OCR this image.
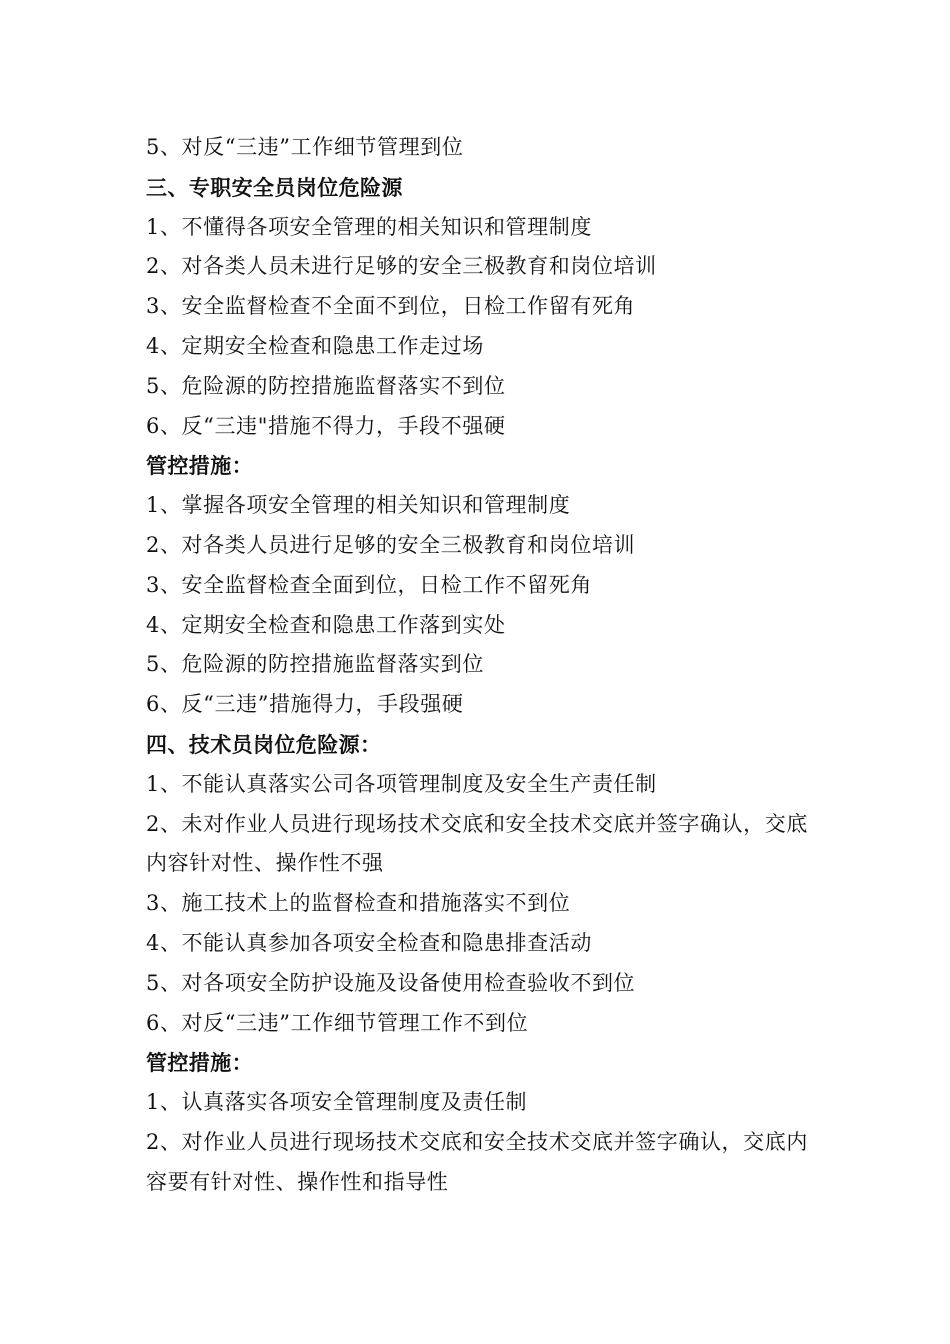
5、对反“三违”工作细节管理到位
三、专职安全员岗位危险源
1、不懂得各项安全管理的相关知识和管理制度
2、对各类人员未进行足够的安全三极教育和岗位培训
3、安全监督检查不全面不到位，日检工作留有死角
4、定期安全检查和隐患工作走过场
5、危险源的防控措施监督落实不到位
6、反“三违"措施不得力，手段不强硬
管控措施：
1、掌握各项安全管理的相关知识和管理制度
2、对各类人员进行足够的安全三极教育和岗位培训
3、安全监督检查全面到位，日检工作不留死角
4、定期安全检查和隐患工作落到实处
5、危险源的防控措施监督落实到位
6、反“三违”措施得力，手段强硬
四、技术员岗位危险源：
1、不能认真落实公司各项管理制度及安全生产责任制
2、未对作业人员进行现场技术交底和安全技术交底并签字确认，交底内容针对性、操作性不强
3、施工技术上的监督检查和措施落实不到位
4、不能认真参加各项安全检查和隐患排查活动
5、对各项安全防护设施及设备使用检查验收不到位
6、对反“三违”工作细节管理工作不到位
管控措施：
1、认真落实各项安全管理制度及责任制
2、对作业人员进行现场技术交底和安全技术交底并签字确认，交底内容要有针对性、操作性和指导性
